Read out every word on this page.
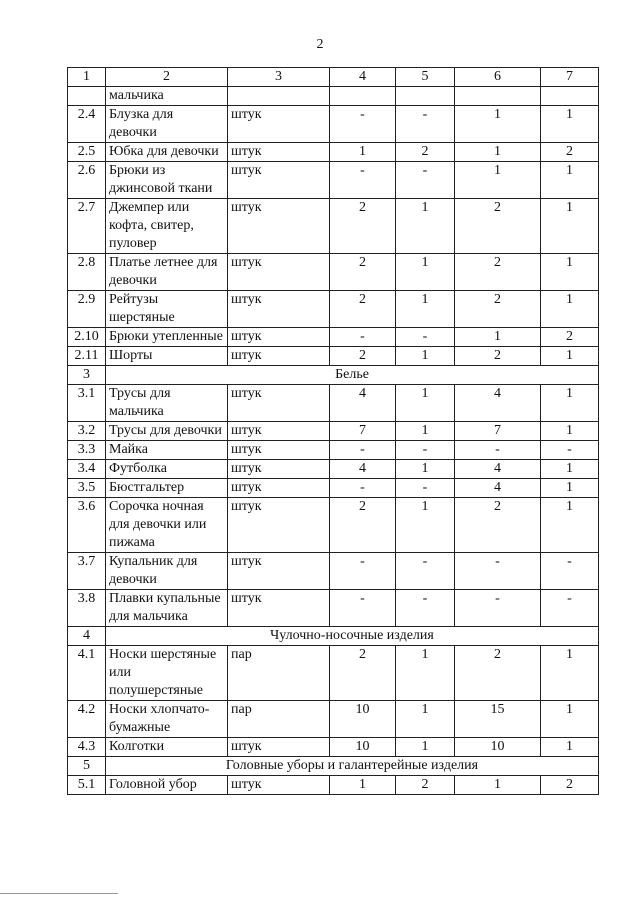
2
1	2	3	4	5	6	7
	мальчика					
2.4	Блузка для девочки	штук	-	-	1	1
2.5	Юбка для девочки	штук	1	2	1	2
2.6	Брюки из джинсовой ткани	штук	-	-	1	1
2.7	Джемпер или кофта, свитер, пуловер	штук	2	1	2	1
2.8	Платье летнее для девочки	штук	2	1	2	1
2.9	Рейтузы шерстяные	штук	2	1	2	1
2.10	Брюки утепленные	штук	-	-	1	2
2.11	Шорты	штук	2	1	2	1
3	Белье					
3.1	Трусы для мальчика	штук	4	1	4	1
3.2	Трусы для девочки	штук	7	1	7	1
3.3	Майка	штук	-	-	-	-
3.4	Футболка	штук	4	1	4	1
3.5	Бюстгальтер	штук	-	-	4	1
3.6	Сорочка ночная для девочки или пижама	штук	2	1	2	1
3.7	Купальник для девочки	штук	-	-	-	-
3.8	Плавки купальные для мальчика	штук	-	-	-	-
4	Чулочно-носочные изделия					
4.1	Носки шерстяные или полушерстяные	пар	2	1	2	1
4.2	Носки хлопчато-бумажные	пар	10	1	15	1
4.3	Колготки	штук	10	1	10	1
5	Головные уборы и галантерейные изделия					
5.1	Головной убор	штук	1	2	1	2
